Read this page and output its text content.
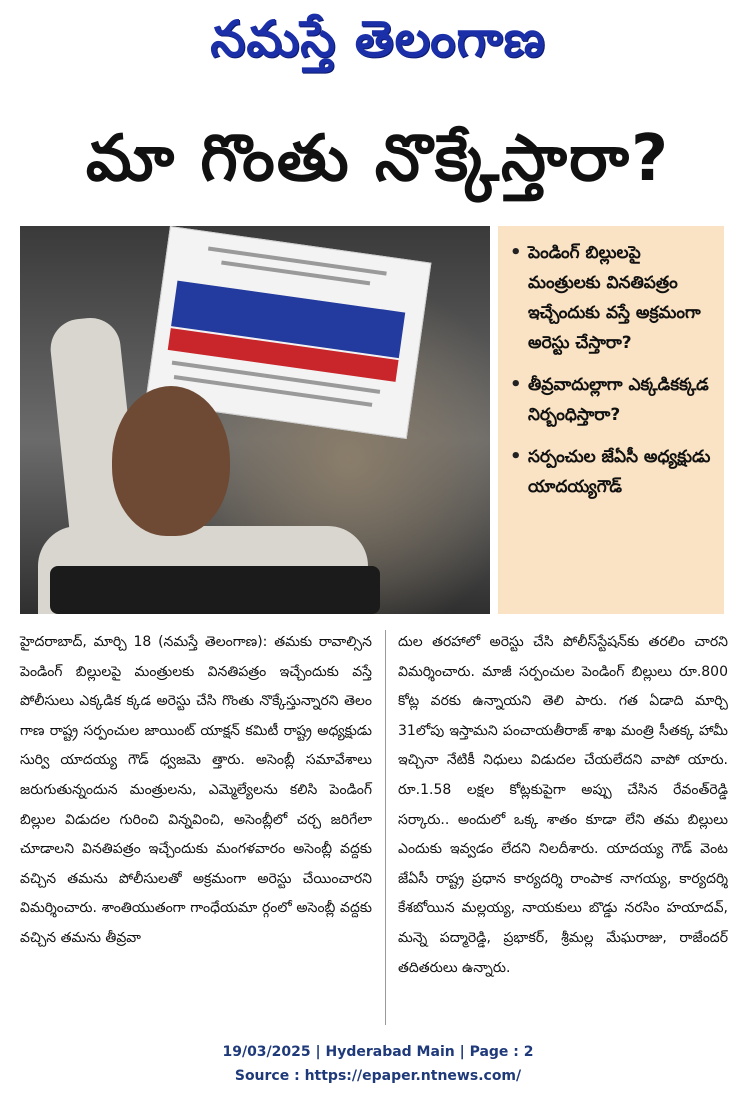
నమస్తే తెలంగాణ
మా గొంతు నొక్కేస్తారా?
• పెండింగ్ బిల్లులపై మంత్రులకు వినతిపత్రం ఇచ్చేందుకు వస్తే అక్రమంగా అరెస్టు చేస్తారా?
• తీవ్రవాదుల్లాగా ఎక్కడికక్కడ నిర్బంధిస్తారా?
• సర్పంచుల జేఏసీ అధ్యక్షుడు యాదయ్యగౌడ్
హైదరాబాద్, మార్చి 18 (నమస్తే తెలంగాణ): తమకు రావాల్సిన పెండింగ్ బిల్లులపై మంత్రులకు వినతిపత్రం ఇచ్చేందుకు వస్తే పోలీసులు ఎక్కడిక క్కడ అరెస్టు చేసి గొంతు నొక్కేస్తున్నారని తెలం గాణ రాష్ట్ర సర్పంచుల జాయింట్ యాక్షన్ కమిటీ రాష్ట్ర అధ్యక్షుడు సుర్వి యాదయ్య గౌడ్ ధ్వజమె త్తారు. అసెంబ్లీ సమావేశాలు జరుగుతున్నందున మంత్రులను, ఎమ్మెల్యేలను కలిసి పెండింగ్ బిల్లుల విడుదల గురించి విన్నవించి, అసెంబ్లీలో చర్చ జరిగేలా చూడాలని వినతిపత్రం ఇచ్చేందుకు మంగళవారం అసెంబ్లీ వద్దకు వచ్చిన తమను పోలీసులతో అక్రమంగా అరెస్టు చేయించారని విమర్శించారు. శాంతియుతంగా గాంధేయమా ర్గంలో అసెంబ్లీ వద్దకు వచ్చిన తమను తీవ్రవా
దుల తరహాలో అరెస్టు చేసి పోలీస్‌స్టేషన్‌కు తరలిం చారని విమర్శించారు. మాజీ సర్పంచుల పెండింగ్ బిల్లులు రూ.800 కోట్ల వరకు ఉన్నాయని తెలి పారు. గత ఏడాది మార్చి 31లోపు ఇస్తామని పంచాయతీరాజ్ శాఖ మంత్రి సీతక్క హామీ ఇచ్చినా నేటికీ నిధులు విడుదల చేయలేదని వాపో యారు. రూ.1.58 లక్షల కోట్లకుపైగా అప్పు చేసిన రేవంత్‌రెడ్డి సర్కారు.. అందులో ఒక్క శాతం కూడా లేని తమ బిల్లులు ఎందుకు ఇవ్వడం లేదని నిలదీశారు. యాదయ్య గౌడ్ వెంట జేఏసీ రాష్ట్ర ప్రధాన కార్యదర్శి రాంపాక నాగయ్య, కార్యదర్శి కేశబోయిన మల్లయ్య, నాయకులు బొడ్డు నరసిం హయాదవ్, మన్నె పద్మారెడ్డి, ప్రభాకర్, శ్రీమల్ల మేఘరాజు, రాజేందర్ తదితరులు ఉన్నారు.
19/03/2025 | Hyderabad Main | Page : 2
Source : https://epaper.ntnews.com/
